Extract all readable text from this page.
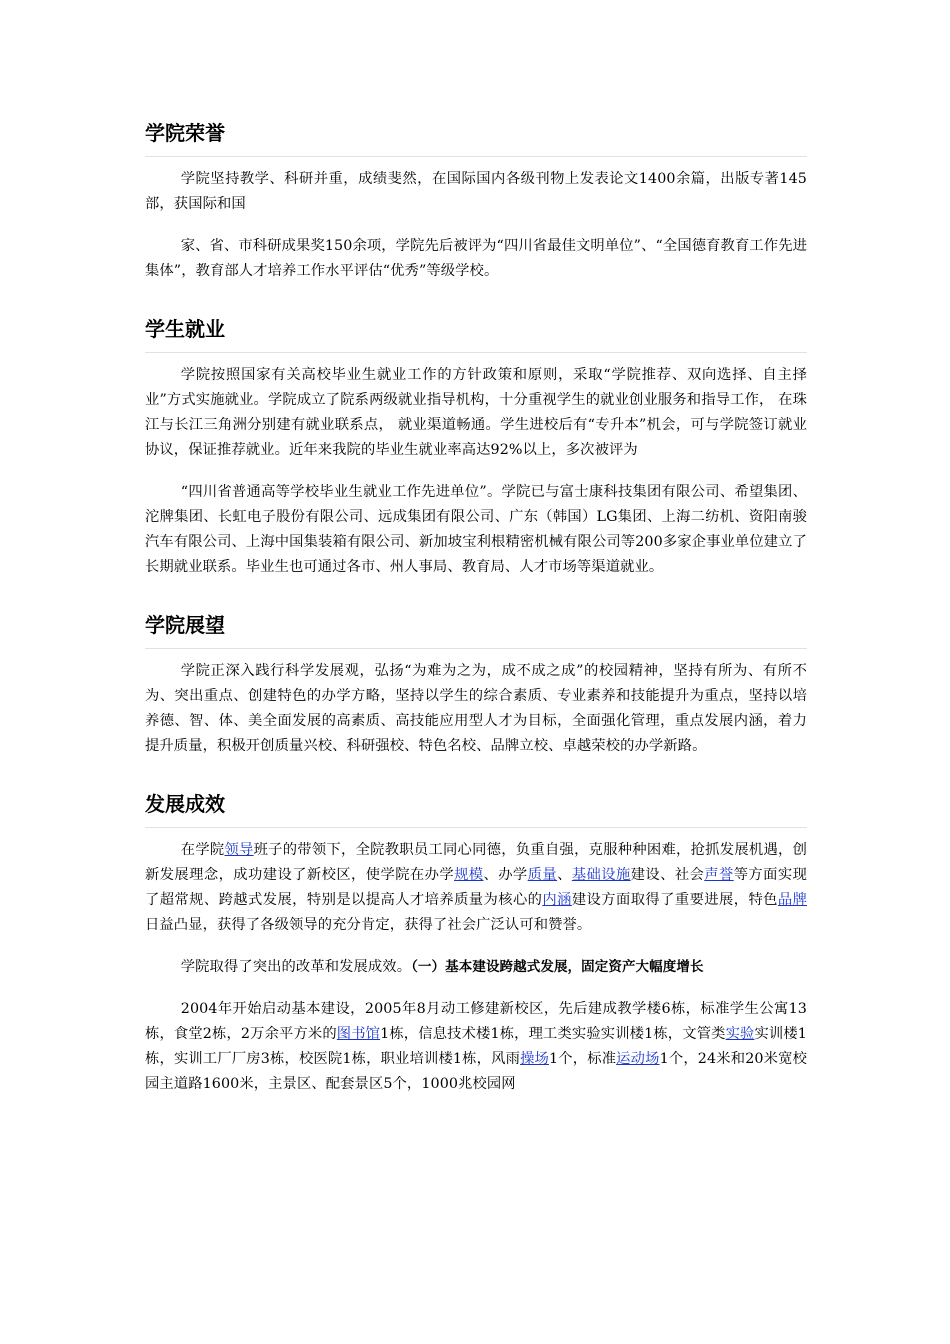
学院荣誉

学院坚持教学、科研并重，成绩斐然，在国际国内各级刊物上发表论文1400余篇，出版专著145部，获国际和国

家、省、市科研成果奖150余项，学院先后被评为“四川省最佳文明单位”、“全国德育教育工作先进集体”，教育部人才培养工作水平评估“优秀”等级学校。

学生就业

学院按照国家有关高校毕业生就业工作的方针政策和原则，采取“学院推荐、双向选择、自主择业”方式实施就业。学院成立了院系两级就业指导机构，十分重视学生的就业创业服务和指导工作， 在珠江与长江三角洲分别建有就业联系点， 就业渠道畅通。学生进校后有“专升本”机会，可与学院签订就业协议，保证推荐就业。近年来我院的毕业生就业率高达92%以上，多次被评为

“四川省普通高等学校毕业生就业工作先进单位”。学院已与富士康科技集团有限公司、希望集团、沱牌集团、长虹电子股份有限公司、远成集团有限公司、广东（韩国）LG集团、上海二纺机、资阳南骏汽车有限公司、上海中国集装箱有限公司、新加坡宝利根精密机械有限公司等200多家企事业单位建立了长期就业联系。毕业生也可通过各市、州人事局、教育局、人才市场等渠道就业。

学院展望

学院正深入践行科学发展观，弘扬“为难为之为，成不成之成”的校园精神，坚持有所为、有所不为、突出重点、创建特色的办学方略，坚持以学生的综合素质、专业素养和技能提升为重点，坚持以培养德、智、体、美全面发展的高素质、高技能应用型人才为目标，全面强化管理，重点发展内涵，着力提升质量，积极开创质量兴校、科研强校、特色名校、品牌立校、卓越荣校的办学新路。

发展成效

在学院领导班子的带领下，全院教职员工同心同德，负重自强，克服种种困难，抢抓发展机遇，创新发展理念，成功建设了新校区，使学院在办学规模、办学质量、基础设施建设、社会声誉等方面实现了超常规、跨越式发展，特别是以提高人才培养质量为核心的内涵建设方面取得了重要进展，特色品牌日益凸显，获得了各级领导的充分肯定，获得了社会广泛认可和赞誉。

学院取得了突出的改革和发展成效。（一）基本建设跨越式发展，固定资产大幅度增长

2004年开始启动基本建设，2005年8月动工修建新校区，先后建成教学楼6栋，标准学生公寓13栋，食堂2栋，2万余平方米的图书馆1栋，信息技术楼1栋，理工类实验实训楼1栋，文管类实验实训楼1栋，实训工厂厂房3栋，校医院1栋，职业培训楼1栋，风雨操场1个，标准运动场1个，24米和20米宽校园主道路1600米，主景区、配套景区5个，1000兆校园网
